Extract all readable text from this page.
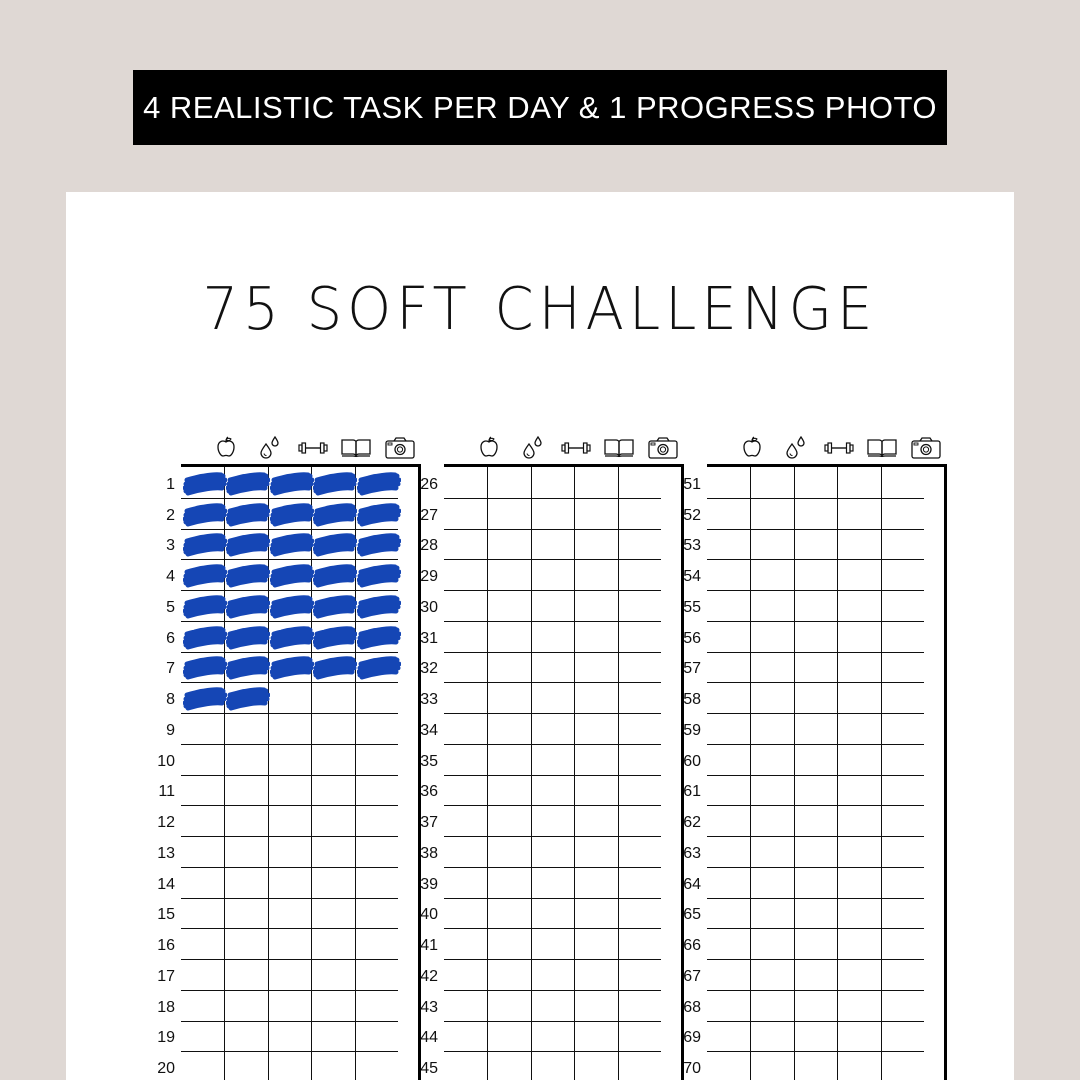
4 REALISTIC TASK PER DAY & 1 PROGRESS PHOTO
75 SOFT CHALLENGE
1
2
3
4
5
6
7
8
9
10
11
12
13
14
15
16
17
18
19
20
26
27
28
29
30
31
32
33
34
35
36
37
38
39
40
41
42
43
44
45
51
52
53
54
55
56
57
58
59
60
61
62
63
64
65
66
67
68
69
70
